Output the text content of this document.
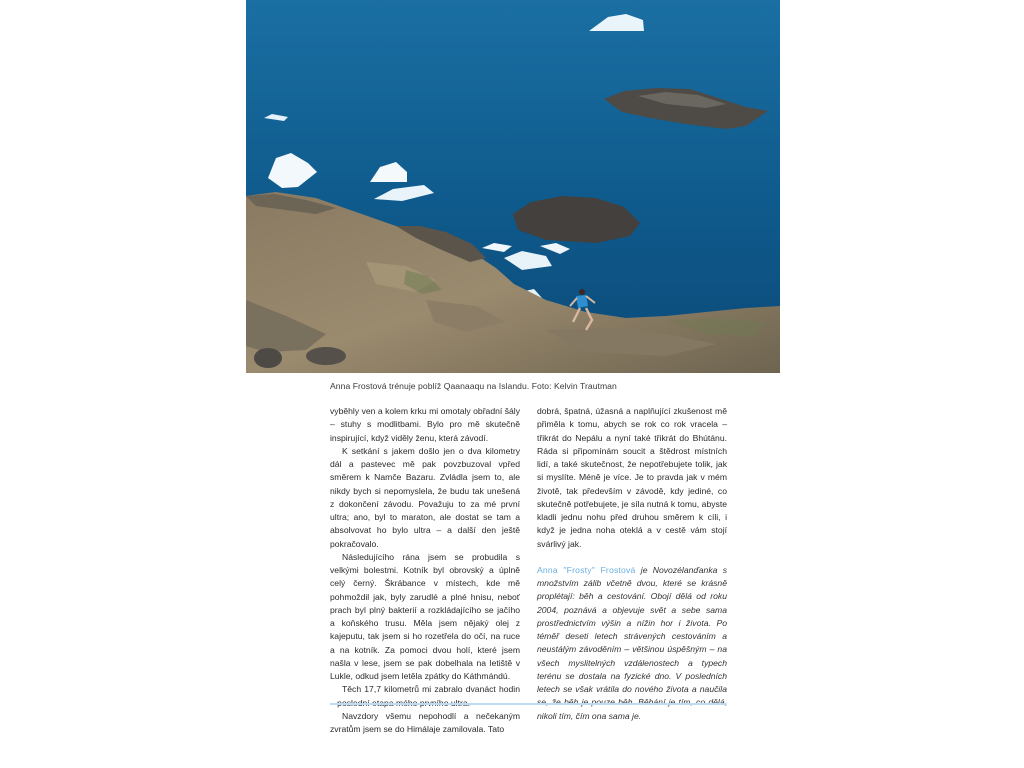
Anna Frostová trénuje poblíž Qaanaaqu na Islandu. Foto: Kelvin Trautman

vyběhly ven a kolem krku mi omotaly obřadní šály – stuhy s modlitbami. Bylo pro mě skutečně inspirující, když viděly ženu, která závodí.

K setkání s jakem došlo jen o dva kilometry dál a pastevec mě pak povzbuzoval vpřed směrem k Namče Bazaru. Zvládla jsem to, ale nikdy bych si nepomyslela, že budu tak unešená z dokončení závodu. Považuju to za mé první ultra; ano, byl to maraton, ale dostat se tam a absolvovat ho bylo ultra – a další den ještě pokračovalo.

Následujícího rána jsem se probudila s velkými bolestmi. Kotník byl obrovský a úplně celý černý. Škrábance v místech, kde mě pohmoždil jak, byly zarudlé a plné hnisu, neboť prach byl plný bakterií a rozkládajícího se jačího a koňského trusu. Měla jsem nějaký olej z kajeputu, tak jsem si ho rozetřela do očí, na ruce a na kotník. Za pomoci dvou holí, které jsem našla v lese, jsem se pak dobelhala na letiště v Lukle, odkud jsem letěla zpátky do Káthmándú.

Těch 17,7 kilometrů mi zabralo dvanáct hodin

Navzdory všemu nepohodlí a nečekaným zvratům jsem se do Himálaje zamilovala. Tato

dobrá, špatná, úžasná a naplňující zkušenost mě přiměla k tomu, abych se rok co rok vracela – třikrát do Nepálu a nyní také třikrát do Bhútánu. Ráda si připomínám soucit a štědrost místních lidí, a také skutečnost, že nepotřebujete tolik, jak si myslíte. Méně je více. Je to pravda jak v mém životě, tak především v závodě, kdy jediné, co skutečně potřebujete, je síla nutná k tomu, abyste kladli jednu nohu před druhou směrem k cíli, i když je jedna noha oteklá a v cestě vám stojí svárlivý jak.

Anna "Frosty" Frostová je Novozélanďanka s množstvím zálib včetně dvou, které se krásně proplétají: běh a cestování. Obojí dělá od roku 2004, poznává a objevuje svět a sebe sama prostřednictvím výšin a nížin hor i života. Po téměř deseti letech strávených cestováním a neustálým závoděním – většinou úspěšným – na všech myslitelných vzdálenostech a typech terénu se dostala na fyzické dno. V posledních letech se však vrátila do nového života a naučila nikoli tím, čím ona sama je.
